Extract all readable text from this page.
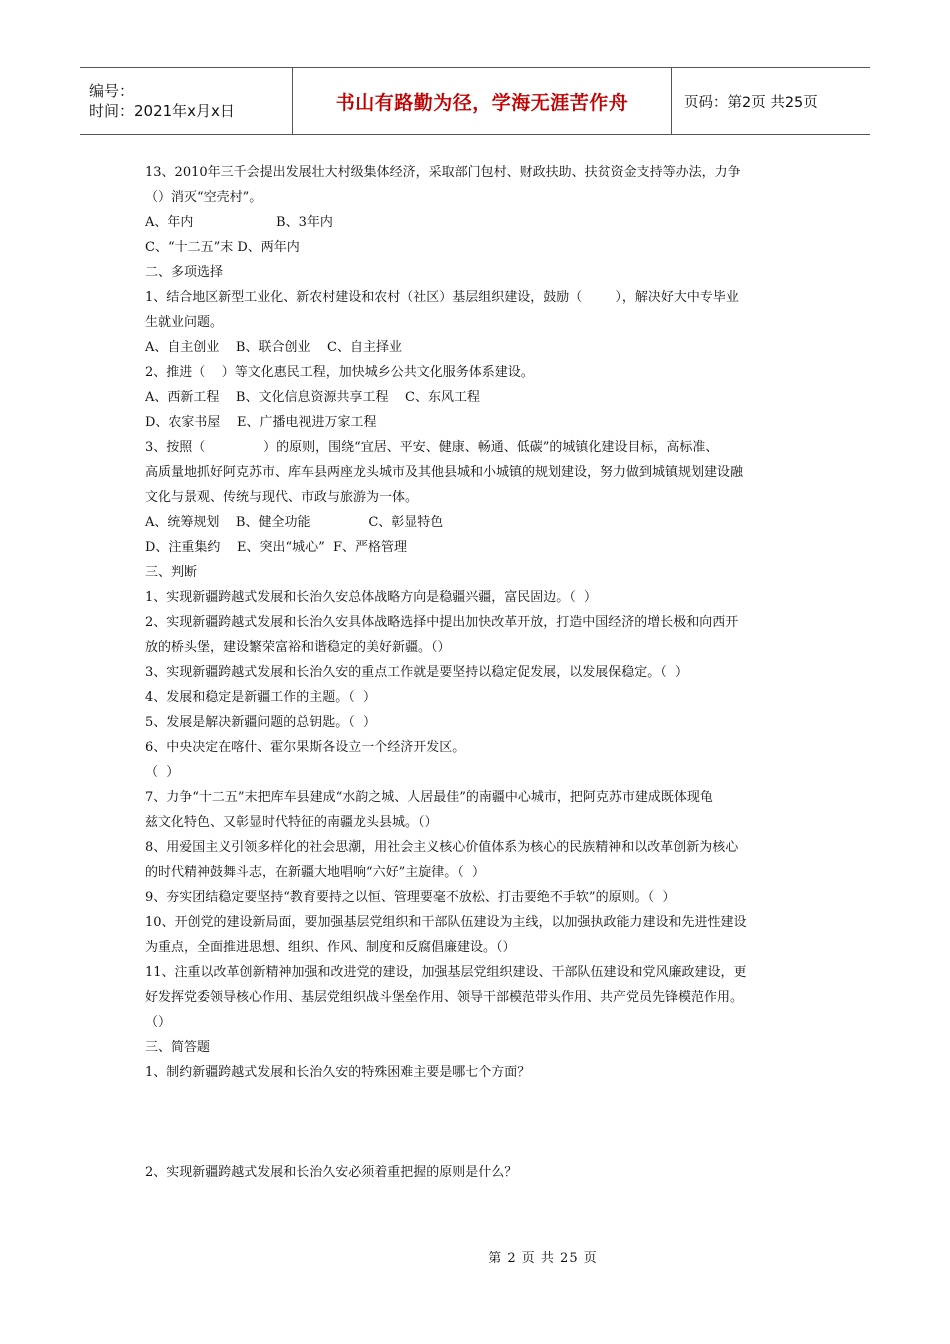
编号：
时间：2021年x月x日	书山有路勤为径，学海无涯苦作舟	页码：第2页 共25页
13、2010年三千会提出发展壮大村级集体经济，采取部门包村、财政扶助、扶贫资金支持等办法，力争
（）消灭“空壳村”。
A、年内                    B、3年内
C、“十二五”末 D、两年内
二、多项选择
1、结合地区新型工业化、新农村建设和农村（社区）基层组织建设，鼓励（        ），解决好大中专毕业
生就业问题。
A、自主创业    B、联合创业    C、自主择业
2、推进（    ）等文化惠民工程，加快城乡公共文化服务体系建设。
A、西新工程    B、文化信息资源共享工程    C、东风工程
D、农家书屋    E、广播电视进万家工程
3、按照（              ）的原则，围绕“宜居、平安、健康、畅通、低碳”的城镇化建设目标，高标准、
高质量地抓好阿克苏市、库车县两座龙头城市及其他县城和小城镇的规划建设，努力做到城镇规划建设融
文化与景观、传统与现代、市政与旅游为一体。
A、统筹规划    B、健全功能              C、彰显特色
D、注重集约    E、突出“城心”  F、严格管理
三、判断
1、实现新疆跨越式发展和长治久安总体战略方向是稳疆兴疆，富民固边。（  ）
2、实现新疆跨越式发展和长治久安具体战略选择中提出加快改革开放，打造中国经济的增长极和向西开
放的桥头堡，建设繁荣富裕和谐稳定的美好新疆。（）
3、实现新疆跨越式发展和长治久安的重点工作就是要坚持以稳定促发展，以发展保稳定。（  ）
4、发展和稳定是新疆工作的主题。（  ）
5、发展是解决新疆问题的总钥匙。（  ）
6、中央决定在喀什、霍尔果斯各设立一个经济开发区。
（  ）
7、力争“十二五”末把库车县建成“水韵之城、人居最佳”的南疆中心城市，把阿克苏市建成既体现龟
兹文化特色、又彰显时代特征的南疆龙头县城。（）
8、用爱国主义引领多样化的社会思潮，用社会主义核心价值体系为核心的民族精神和以改革创新为核心
的时代精神鼓舞斗志，在新疆大地唱响“六好”主旋律。（  ）
9、夯实团结稳定要坚持“教育要持之以恒、管理要毫不放松、打击要绝不手软”的原则。（  ）
10、开创党的建设新局面，要加强基层党组织和干部队伍建设为主线，以加强执政能力建设和先进性建设
为重点，全面推进思想、组织、作风、制度和反腐倡廉建设。（）
11、注重以改革创新精神加强和改进党的建设，加强基层党组织建设、干部队伍建设和党风廉政建设，更
好发挥党委领导核心作用、基层党组织战斗堡垒作用、领导干部模范带头作用、共产党员先锋模范作用。
（）
三、简答题
1、制约新疆跨越式发展和长治久安的特殊困难主要是哪七个方面？
2、实现新疆跨越式发展和长治久安必须着重把握的原则是什么？
第 2 页 共 25 页
